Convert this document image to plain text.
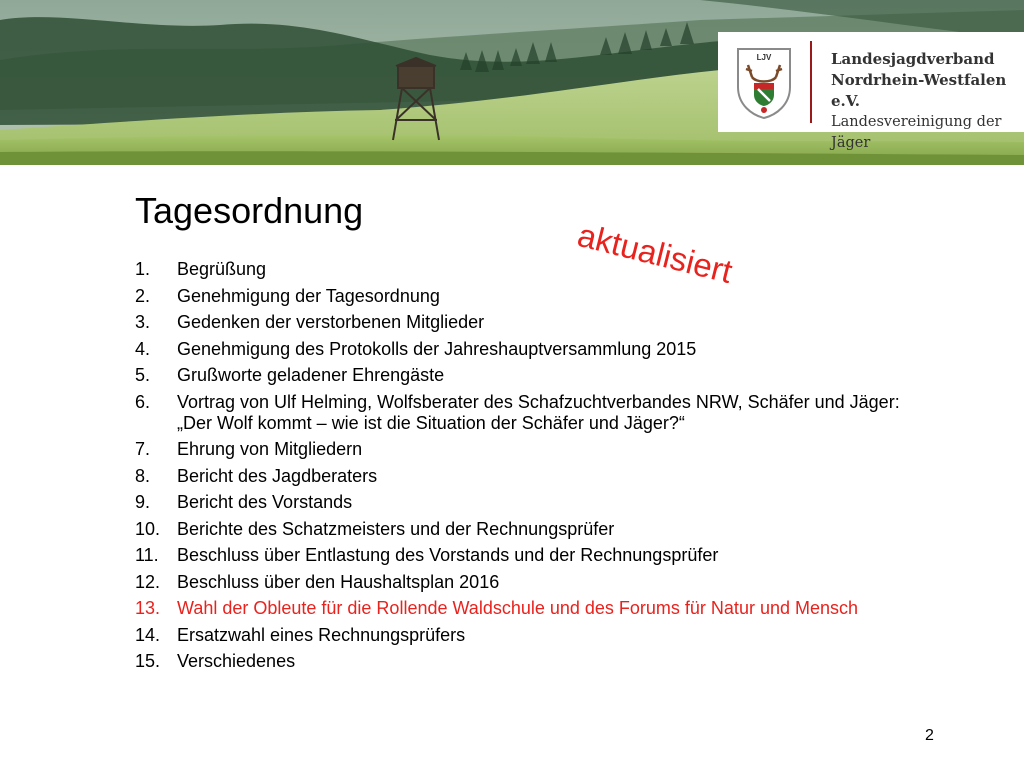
LJV	Landesjagdverband
Nordrhein-Westfalen e.V.
Landesvereinigung der Jäger
Tagesordnung
aktualisiert
1.	Begrüßung
2.	Genehmigung der Tagesordnung
3.	Gedenken der verstorbenen Mitglieder
4.	Genehmigung des Protokolls der Jahreshauptversammlung 2015
5.	Grußworte geladener Ehrengäste
6.	Vortrag von Ulf Helming, Wolfsberater des Schafzuchtverbandes NRW, Schäfer und Jäger: „Der Wolf kommt – wie ist die Situation der Schäfer und Jäger?“
7.	Ehrung von Mitgliedern
8.	Bericht des Jagdberaters
9.	Bericht des Vorstands
10. Berichte des Schatzmeisters und der Rechnungsprüfer
11.	Beschluss über Entlastung des Vorstands und der Rechnungsprüfer
12. Beschluss über den Haushaltsplan 2016
13. Wahl der Obleute für die Rollende Waldschule und des Forums für Natur und Mensch
14. Ersatzwahl eines Rechnungsprüfers
15. Verschiedenes
2
